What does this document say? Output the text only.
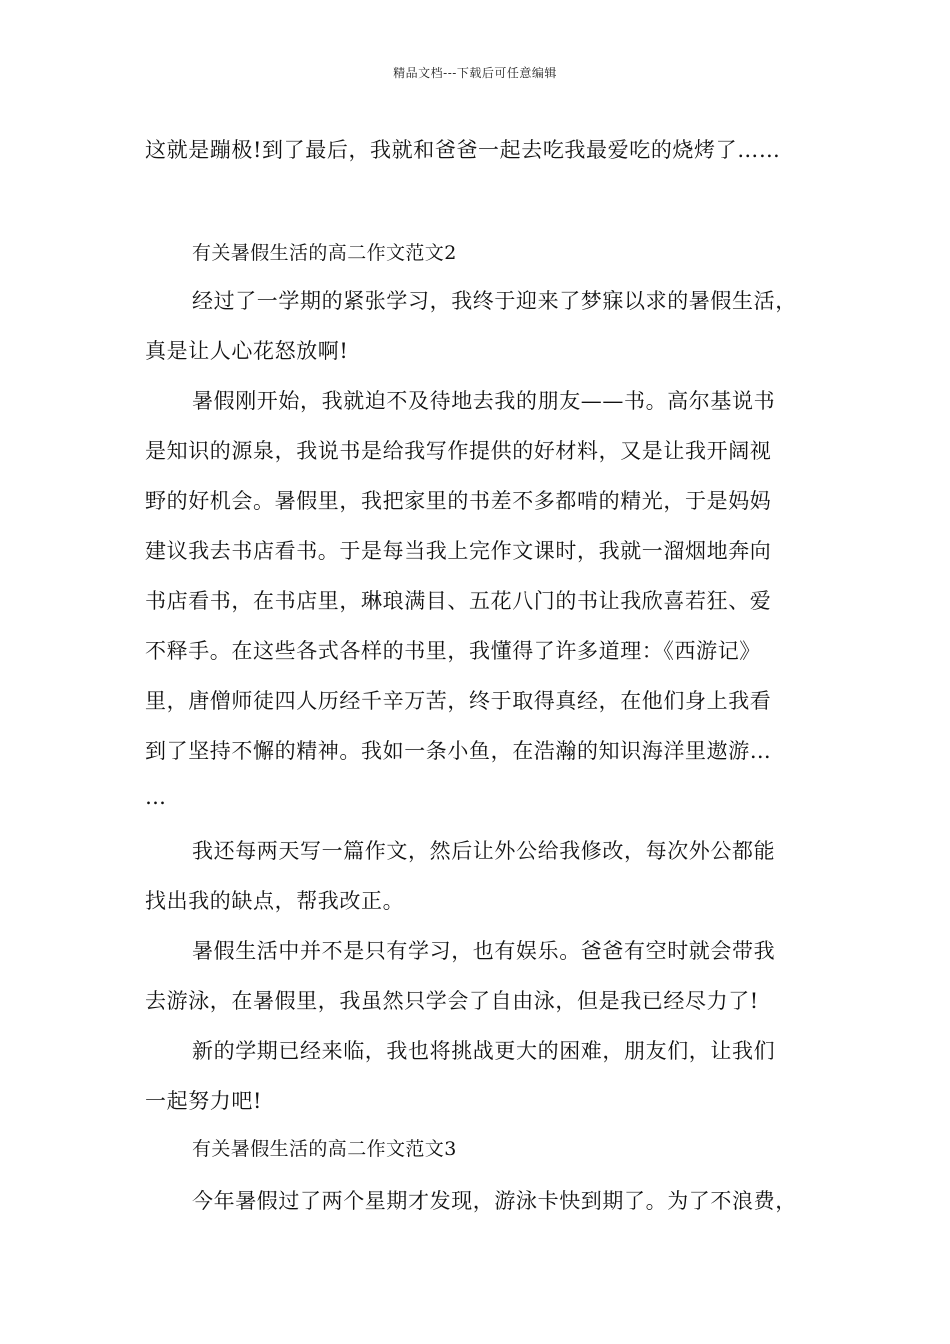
精品文档---下载后可任意编辑
这就是蹦极!到了最后，我就和爸爸一起去吃我最爱吃的烧烤了……
有关暑假生活的高二作文范文2
经过了一学期的紧张学习，我终于迎来了梦寐以求的暑假生活，
真是让人心花怒放啊!
暑假刚开始，我就迫不及待地去我的朋友——书。高尔基说书
是知识的源泉，我说书是给我写作提供的好材料，又是让我开阔视
野的好机会。暑假里，我把家里的书差不多都啃的精光，于是妈妈
建议我去书店看书。于是每当我上完作文课时，我就一溜烟地奔向
书店看书，在书店里，琳琅满目、五花八门的书让我欣喜若狂、爱
不释手。在这些各式各样的书里，我懂得了许多道理：《西游记》
里，唐僧师徒四人历经千辛万苦，终于取得真经，在他们身上我看
到了坚持不懈的精神。我如一条小鱼，在浩瀚的知识海洋里遨游…
…
我还每两天写一篇作文，然后让外公给我修改，每次外公都能
找出我的缺点，帮我改正。
暑假生活中并不是只有学习，也有娱乐。爸爸有空时就会带我
去游泳，在暑假里，我虽然只学会了自由泳，但是我已经尽力了!
新的学期已经来临，我也将挑战更大的困难，朋友们，让我们
一起努力吧!
有关暑假生活的高二作文范文3
今年暑假过了两个星期才发现，游泳卡快到期了。为了不浪费，
